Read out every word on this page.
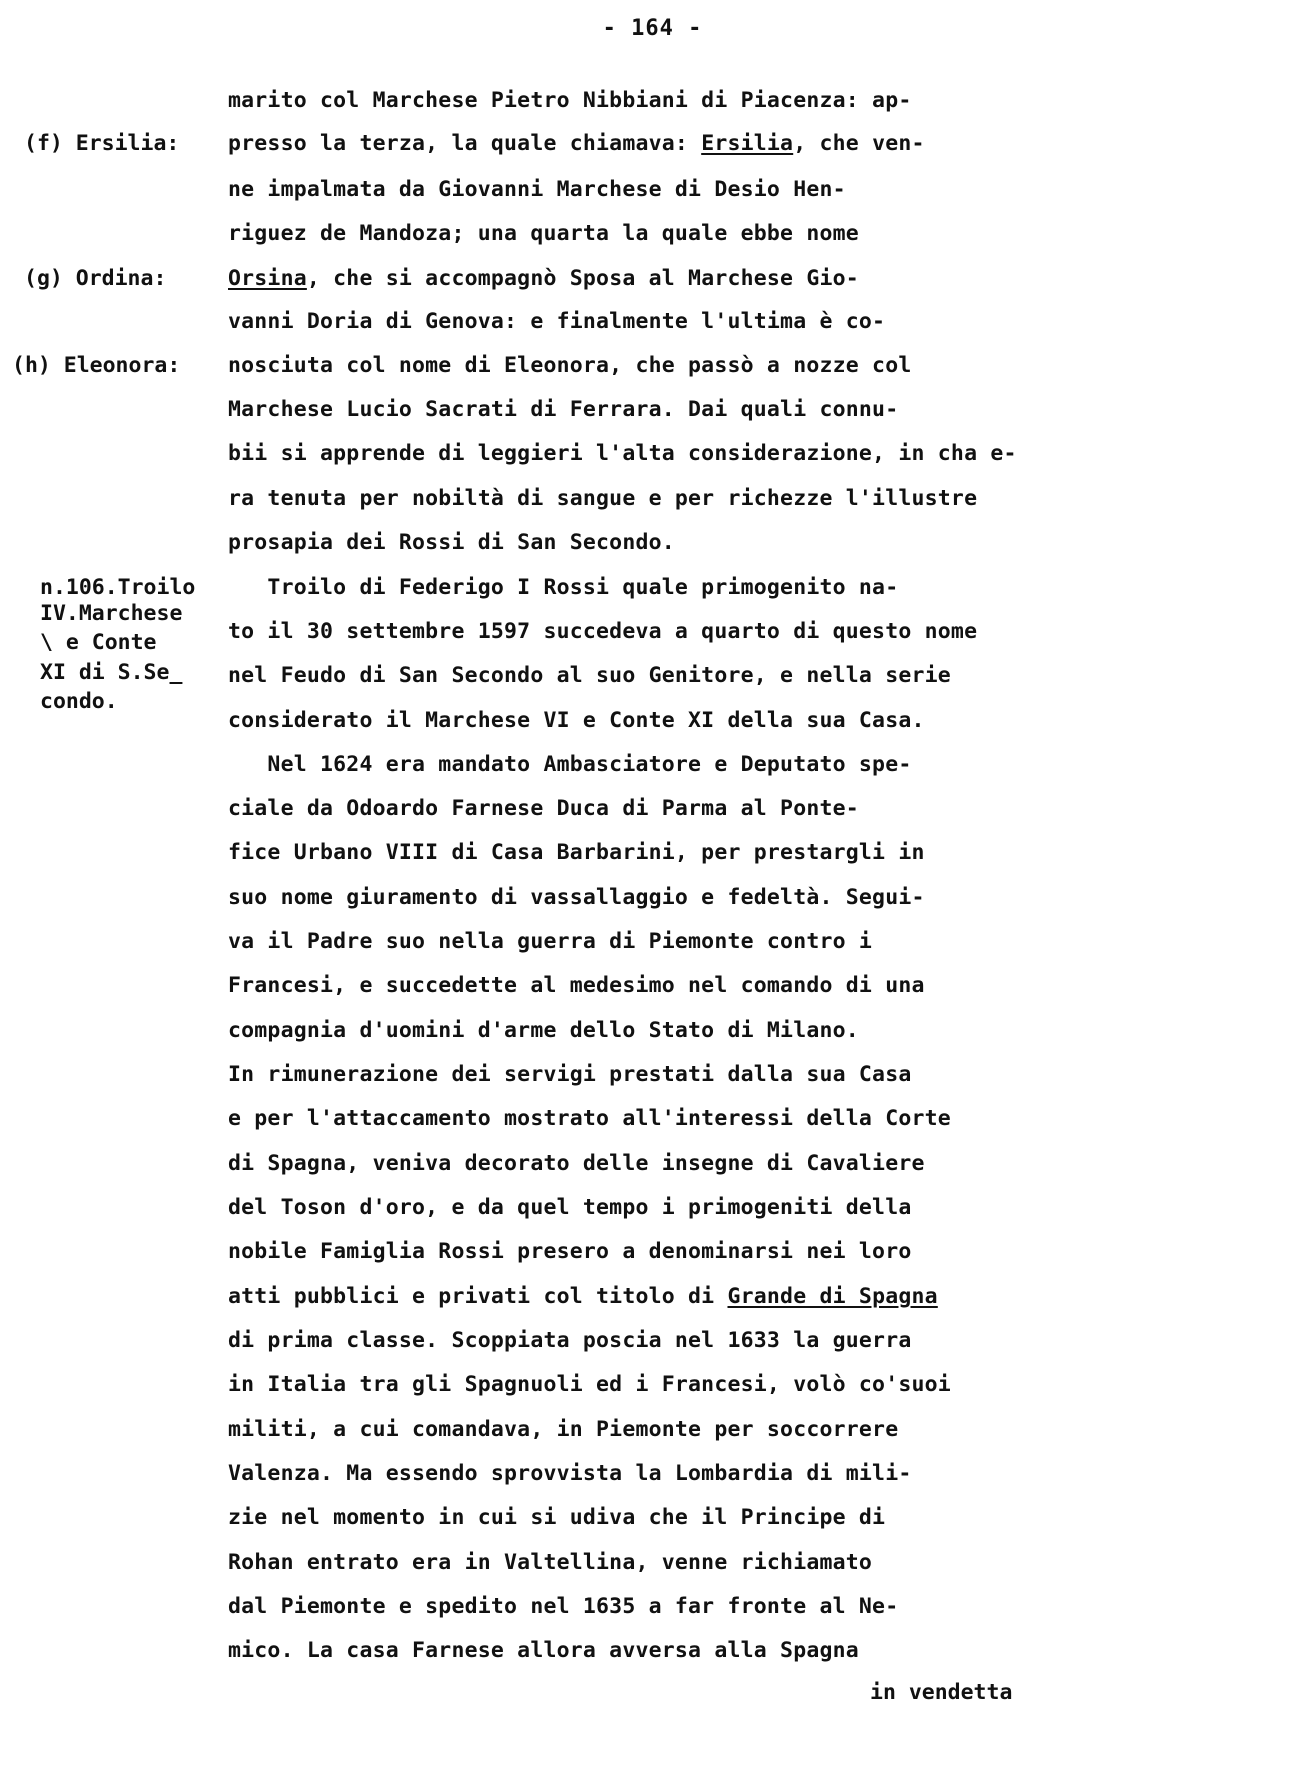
- 164 -
(f) Ersilia:
(g) Ordina:
(h) Eleonora:
n.106.Troilo
IV.Marchese
\ e Conte
XI di S.Se_
condo.
marito col Marchese Pietro Nibbiani di Piacenza: ap-
presso la terza, la quale chiamava: Ersilia, che ven-
ne impalmata da Giovanni Marchese di Desio Hen-
riguez de Mandoza; una quarta la quale ebbe nome
Orsina, che si accompagnò Sposa al Marchese Gio-
vanni Doria di Genova: e finalmente l'ultima è co-
nosciuta col nome di Eleonora, che passò a nozze col
Marchese Lucio Sacrati di Ferrara. Dai quali connu-
bii si apprende di leggieri l'alta considerazione, in cha e-
ra tenuta per nobiltà di sangue e per richezze l'illustre
prosapia dei Rossi di San Secondo.
Troilo di Federigo I Rossi quale primogenito na-
to il 30 settembre 1597 succedeva a quarto di questo nome
nel Feudo di San Secondo al suo Genitore, e nella serie
considerato il Marchese VI e Conte XI della sua Casa.
Nel 1624 era mandato Ambasciatore e Deputato spe-
ciale da Odoardo Farnese Duca di Parma al Ponte-
fice Urbano VIII di Casa Barbarini, per prestargli in
suo nome giuramento di vassallaggio e fedeltà. Segui-
va il Padre suo nella guerra di Piemonte contro i
Francesi, e succedette al medesimo nel comando di una
compagnia d'uomini d'arme dello Stato di Milano.
In rimunerazione dei servigi prestati dalla sua Casa
e per l'attaccamento mostrato all'interessi della Corte
di Spagna, veniva decorato delle insegne di Cavaliere
del Toson d'oro, e da quel tempo i primogeniti della
nobile Famiglia Rossi presero a denominarsi nei loro
atti pubblici e privati col titolo di Grande di Spagna
di prima classe. Scoppiata poscia nel 1633 la guerra
in Italia tra gli Spagnuoli ed i Francesi, volò co'suoi
militi, a cui comandava, in Piemonte per soccorrere
Valenza. Ma essendo sprovvista la Lombardia di mili-
zie nel momento in cui si udiva che il Principe di
Rohan entrato era in Valtellina, venne richiamato
dal Piemonte e spedito nel 1635 a far fronte al Ne-
mico. La casa Farnese allora avversa alla Spagna
in vendetta
